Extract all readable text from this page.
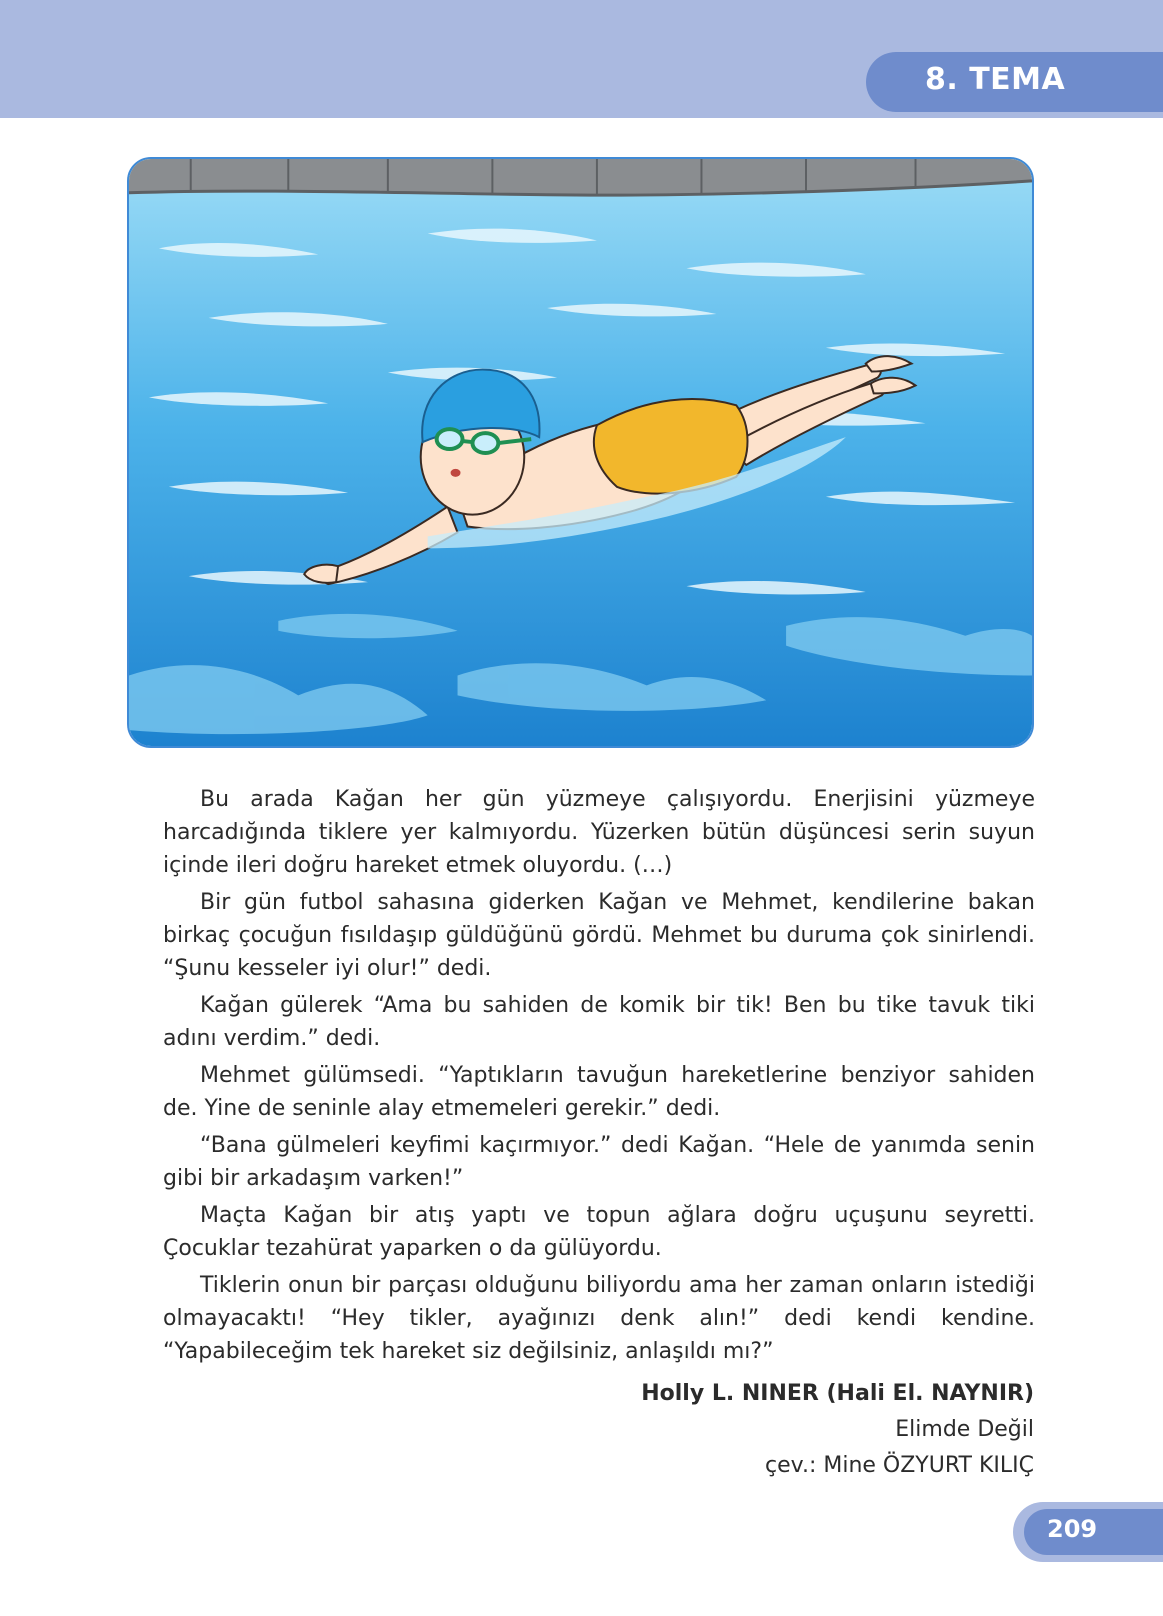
8. TEMA

Bu arada Kağan her gün yüzmeye çalışıyordu. Enerjisini yüzmeye harcadığında tiklere yer kalmıyordu. Yüzerken bütün düşüncesi serin suyun içinde ileri doğru hareket etmek oluyordu. (…)

Bir gün futbol sahasına giderken Kağan ve Mehmet, kendilerine bakan birkaç çocuğun fısıldaşıp güldüğünü gördü. Mehmet bu duruma çok sinirlendi. “Şunu kesseler iyi olur!” dedi.

Kağan gülerek “Ama bu sahiden de komik bir tik! Ben bu tike tavuk tiki adını verdim.” dedi.

Mehmet gülümsedi. “Yaptıkların tavuğun hareketlerine benziyor sahiden de. Yine de seninle alay etmemeleri gerekir.” dedi.

“Bana gülmeleri keyfimi kaçırmıyor.” dedi Kağan. “Hele de yanımda senin gibi bir arkadaşım varken!”

Maçta Kağan bir atış yaptı ve topun ağlara doğru uçuşunu seyretti. Çocuklar tezahürat yaparken o da gülüyordu.

Tiklerin onun bir parçası olduğunu biliyordu ama her zaman onların istediği olmayacaktı! “Hey tikler, ayağınızı denk alın!” dedi kendi kendine. “Yapabileceğim tek hareket siz değilsiniz, anlaşıldı mı?”

Holly L. NINER (Hali El. NAYNIR)
Elimde Değil
çev.: Mine ÖZYURT KILIÇ
209
